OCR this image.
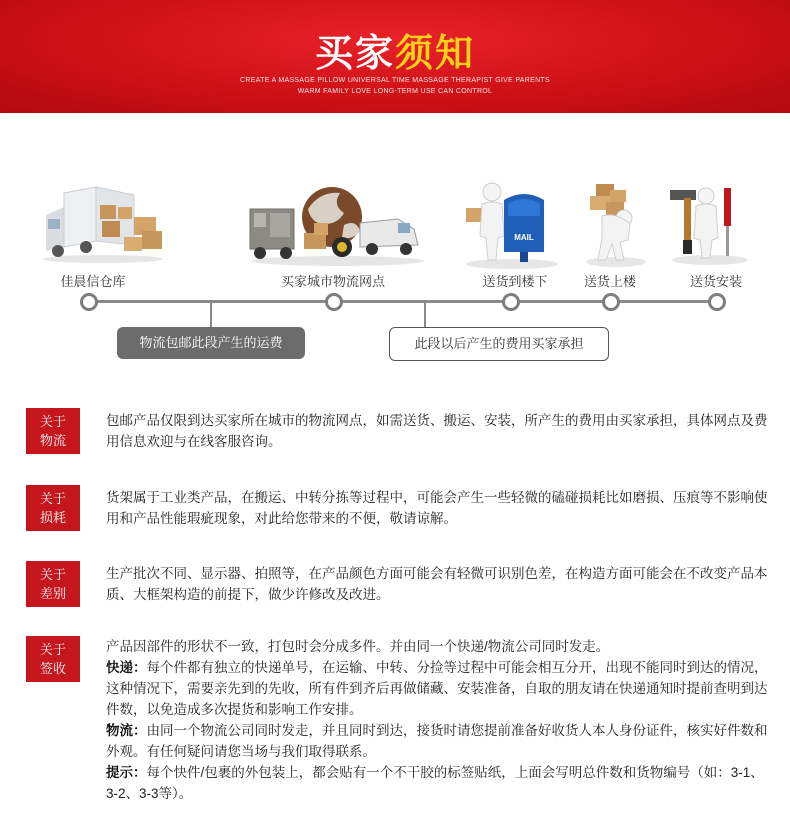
买家须知
CREATE A MASSAGE PILLOW UNIVERSAL TIME MASSAGE THERAPIST GIVE PARENTS
WARM FAMILY LOVE LONG-TERM USE CAN CONTROL
MAIL
佳晨信仓库	买家城市物流网点	送货到楼下	送货上楼	送货安装
物流包邮此段产生的运费	此段以后产生的费用买家承担
关于
物流
包邮产品仅限到达买家所在城市的物流网点，如需送货、搬运、安装，所产生的费用由买家承担，具体网点及费用信息欢迎与在线客服咨询。
关于
损耗
货架属于工业类产品，在搬运、中转分拣等过程中，可能会产生一些轻微的磕碰损耗比如磨损、压痕等不影响使用和产品性能瑕疵现象，对此给您带来的不便，敬请谅解。
关于
差别
生产批次不同、显示器、拍照等，在产品颜色方面可能会有轻微可识别色差，在构造方面可能会在不改变产品本质、大框架构造的前提下，做少许修改及改进。
关于
签收
产品因部件的形状不一致，打包时会分成多件。并由同一个快递/物流公司同时发走。
快递：每个件都有独立的快递单号，在运输、中转、分捡等过程中可能会相互分开，出现不能同时到达的情况，这种情况下，需要亲先到的先收，所有件到齐后再做储藏、安装准备，自取的朋友请在快递通知时提前查明到达件数，以免造成多次提货和影响工作安排。
物流：由同一个物流公司同时发走，并且同时到达，接货时请您提前准备好收货人本人身份证件，核实好件数和外观。有任何疑问请您当场与我们取得联系。
提示：每个快件/包裹的外包装上，都会贴有一个不干胶的标签贴纸，上面会写明总件数和货物编号（如：3-1、3-2、3-3等）。
